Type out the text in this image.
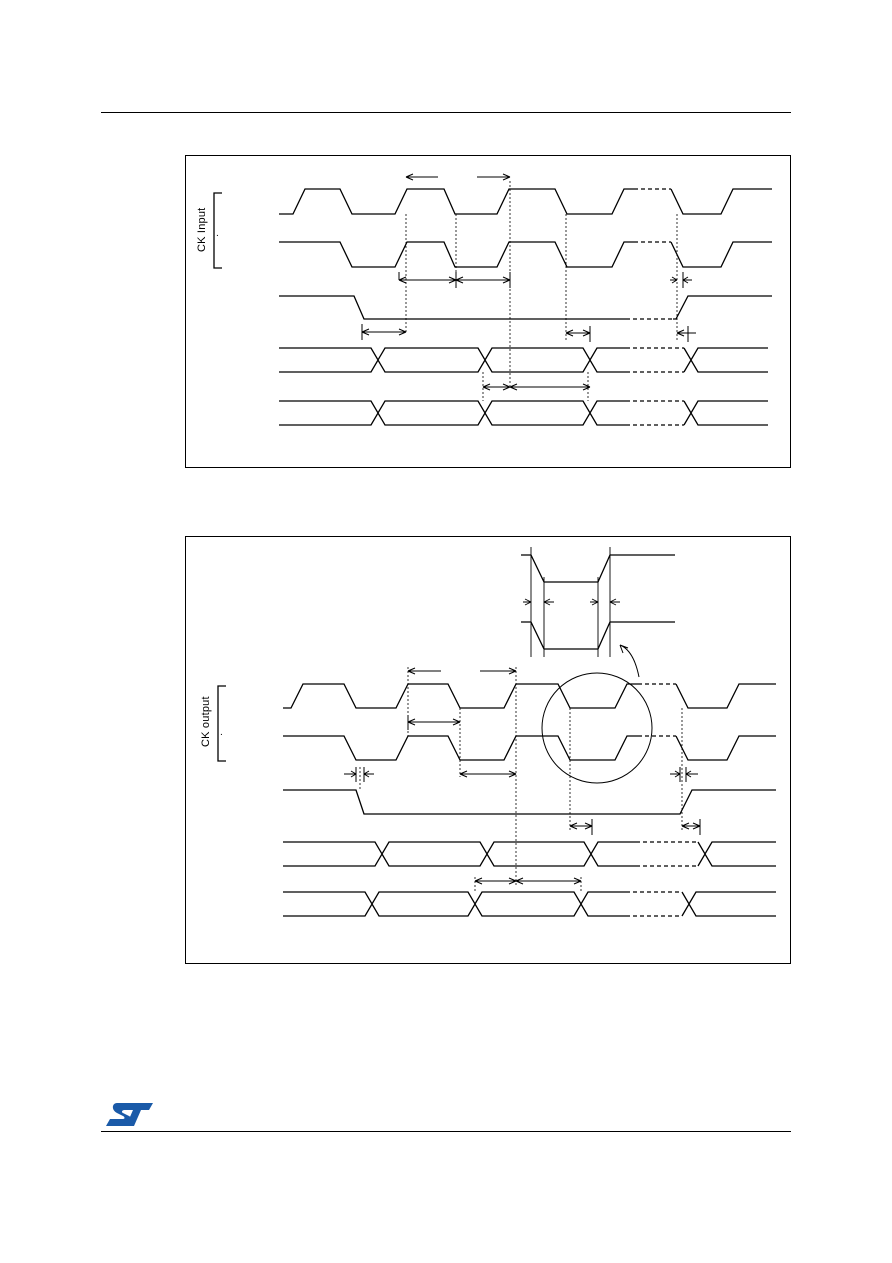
CK Input .
CK output .
